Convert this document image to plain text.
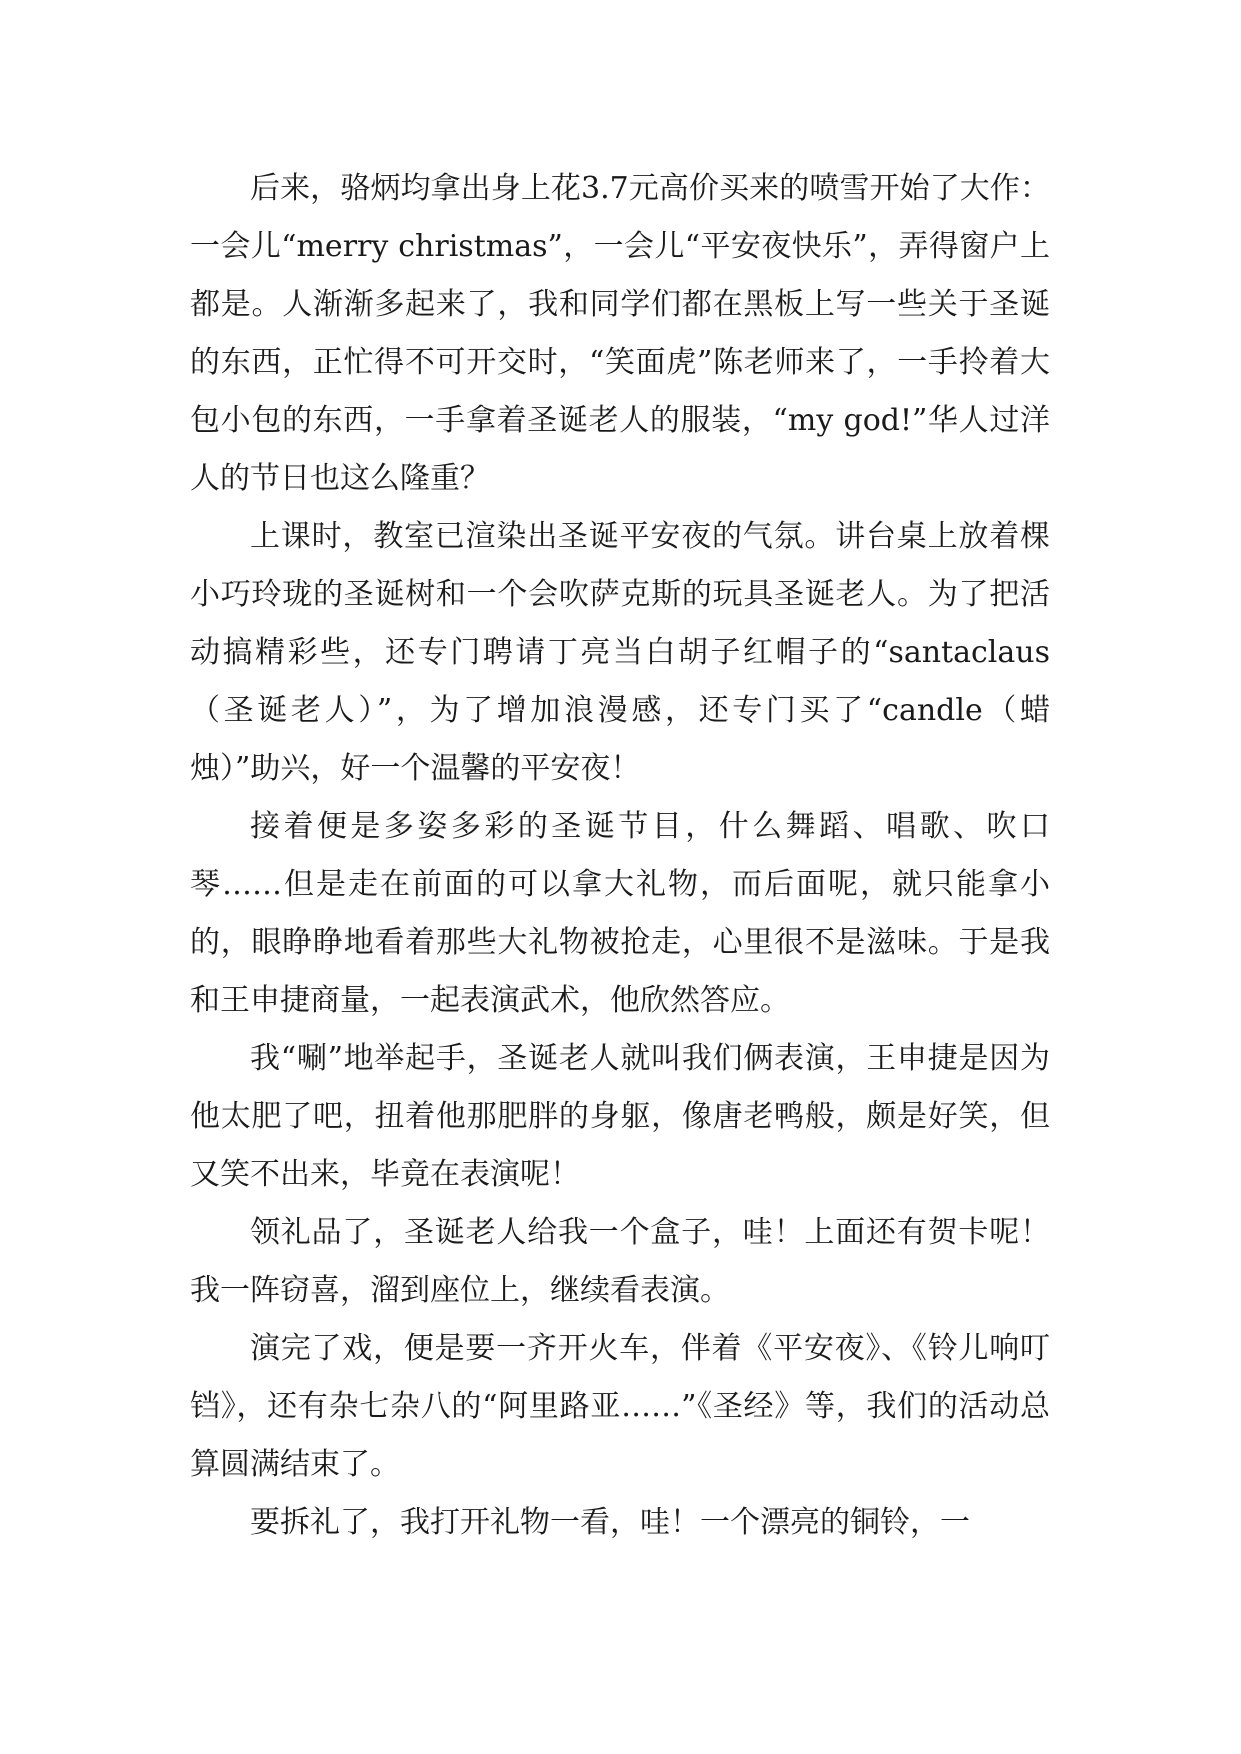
后来，骆炳均拿出身上花3.7元高价买来的喷雪开始了大作：一会儿“merry christmas”，一会儿“平安夜快乐”，弄得窗户上都是。人渐渐多起来了，我和同学们都在黑板上写一些关于圣诞的东西，正忙得不可开交时，“笑面虎”陈老师来了，一手拎着大包小包的东西，一手拿着圣诞老人的服装，“my god!”华人过洋人的节日也这么隆重？

上课时，教室已渲染出圣诞平安夜的气氛。讲台桌上放着棵小巧玲珑的圣诞树和一个会吹萨克斯的玩具圣诞老人。为了把活动搞精彩些，还专门聘请丁亮当白胡子红帽子的“santaclaus（圣诞老人）”，为了增加浪漫感，还专门买了“candle（蜡烛）”助兴，好一个温馨的平安夜！

接着便是多姿多彩的圣诞节目，什么舞蹈、唱歌、吹口琴……但是走在前面的可以拿大礼物，而后面呢，就只能拿小的，眼睁睁地看着那些大礼物被抢走，心里很不是滋味。于是我和王申捷商量，一起表演武术，他欣然答应。

我“唰”地举起手，圣诞老人就叫我们俩表演，王申捷是因为他太肥了吧，扭着他那肥胖的身躯，像唐老鸭般，颇是好笑，但又笑不出来，毕竟在表演呢！

领礼品了，圣诞老人给我一个盒子，哇！上面还有贺卡呢！我一阵窃喜，溜到座位上，继续看表演。

演完了戏，便是要一齐开火车，伴着《平安夜》、《铃儿响叮铛》，还有杂七杂八的“阿里路亚……”《圣经》等，我们的活动总算圆满结束了。

要拆礼了，我打开礼物一看，哇！一个漂亮的铜铃，一
